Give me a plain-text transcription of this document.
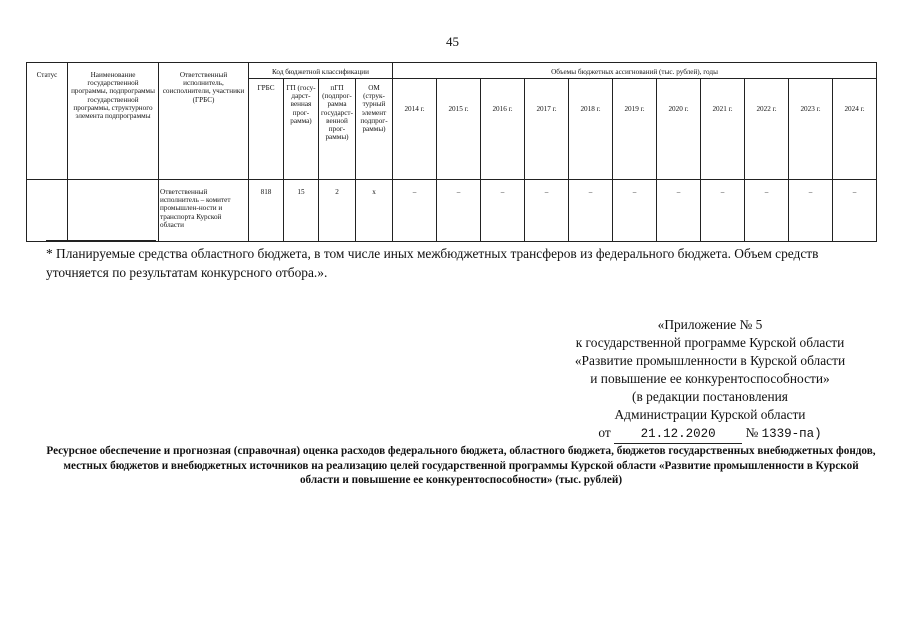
45
Статус	Наименование государственной программы, подпрограммы государственной программы, структурного элемента подпрограммы	Ответственный исполнитель, соисполнители, участники (ГРБС)	Код бюджетной классификации				Объемы бюджетных ассигнований (тыс. рублей), годы										
			ГРБС	ГП (госу-дарст-венная прог-рамма)	пГП (подпрог-рамма государст-венной прог-раммы)	ОМ (струк-турный элемент подпрог-раммы)	2014 г.	2015 г.	2016 г.	2017 г.	2018 г.	2019 г.	2020 г.	2021 г.	2022 г.	2023 г.	2024 г.
		Ответственный исполнитель – комитет промышлен-ности и транспорта Курской области	818	15	2	х	–	–	–	–	–	–	–	–	–	–	–
* Планируемые средства областного бюджета, в том числе иных межбюджетных трансферов из федерального бюджета. Объем средств уточняется по результатам конкурсного отбора.».
«Приложение № 5
к государственной программе Курской области
«Развитие промышленности в Курской области
и повышение ее конкурентоспособности»
(в редакции постановления
Администрации Курской области
от 21.12.2020 № 1339-па)
Ресурсное обеспечение и прогнозная (справочная) оценка расходов федерального бюджета, областного бюджета, бюджетов государственных внебюджетных фондов, местных бюджетов и внебюджетных источников на реализацию целей государственной программы Курской области «Развитие промышленности в Курской области и повышение ее конкурентоспособности» (тыс. рублей)
